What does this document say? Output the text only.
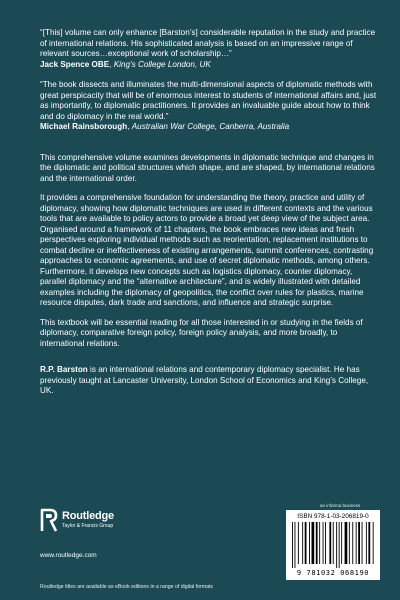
“[This] volume can only enhance [Barston’s] considerable reputation in the study and practice of international relations. His sophisticated analysis is based on an impressive range of relevant sources…exceptional work of scholarship…”

Jack Spence OBE, King’s College London, UK

“The book dissects and illuminates the multi-dimensional aspects of diplomatic methods with great perspicacity that will be of enormous interest to students of international affairs and, just as importantly, to diplomatic practitioners. It provides an invaluable guide about how to think and do diplomacy in the real world.”

Michael Rainsborough, Australian War College, Canberra, Australia

This comprehensive volume examines developments in diplomatic technique and changes in the diplomatic and political structures which shape, and are shaped, by international relations and the international order.

It provides a comprehensive foundation for understanding the theory, practice and utility of diplomacy, showing how diplomatic techniques are used in different contexts and the various tools that are available to policy actors to provide a broad yet deep view of the subject area. Organised around a framework of 11 chapters, the book embraces new ideas and fresh perspectives exploring individual methods such as reorientation, replacement institutions to combat decline or ineffectiveness of existing arrangements, summit conferences, contrasting approaches to economic agreements, and use of secret diplomatic methods, among others. Furthermore, it develops new concepts such as logistics diplomacy, counter diplomacy, parallel diplomacy and the “alternative architecture”, and is widely illustrated with detailed examples including the diplomacy of geopolitics, the conflict over rules for plastics, marine resource disputes, dark trade and sanctions, and influence and strategic surprise.

This textbook will be essential reading for all those interested in or studying in the fields of diplomacy, comparative foreign policy, foreign policy analysis, and more broadly, to international relations.

R.P. Barston is an international relations and contemporary diplomacy specialist. He has previously taught at Lancaster University, London School of Economics and King’s College, UK.

Routledge
Taylor & Francis Group
www.routledge.com
Routledge titles are available as eBook editions in a range of digital formats
an informa business
ISBN 978-1-03-206819-0
9 781032 068190
